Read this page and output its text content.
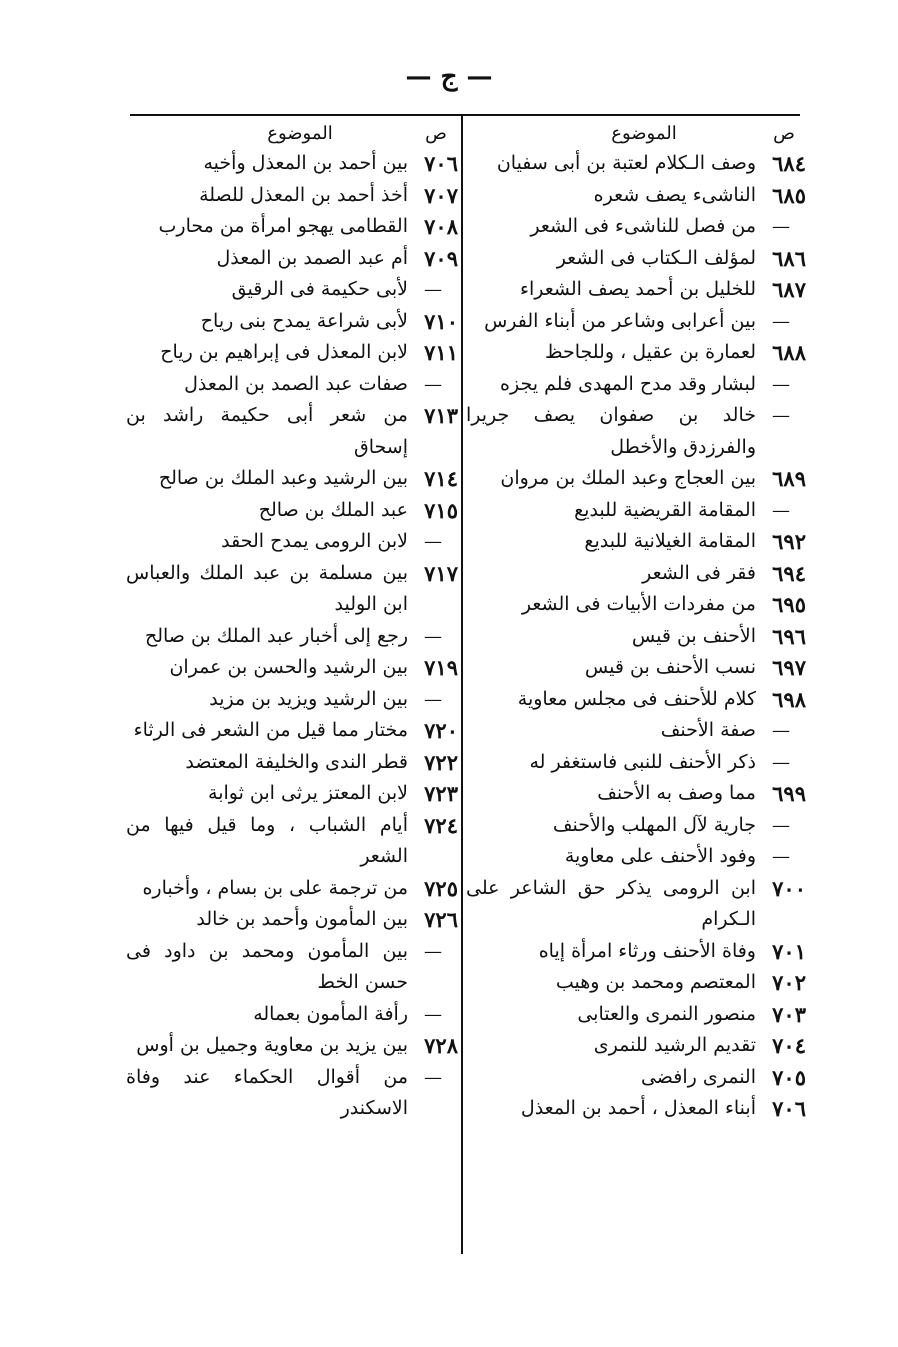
— ج —
ص
الموضوع
٦٨٤
وصف الـكلام لعتبة بن أبى سفيان
٦٨٥
الناشىء يصف شعره
—
من فصل للناشىء فى الشعر
٦٨٦
لمؤلف الـكتاب فى الشعر
٦٨٧
للخليل بن أحمد يصف الشعراء
—
بين أعرابى وشاعر من أبناء الفرس
٦٨٨
لعمارة بن عقيل ، وللجاحظ
—
لبشار وقد مدح المهدى فلم يجزه
—
خالد بن صفوان يصف جريرا والفرزدق والأخطل
٦٨٩
بين العجاج وعبد الملك بن مروان
—
المقامة القريضية للبديع
٦٩٢
المقامة الغيلانية للبديع
٦٩٤
فقر فى الشعر
٦٩٥
من مفردات الأبيات فى الشعر
٦٩٦
الأحنف بن قيس
٦٩٧
نسب الأحنف بن قيس
٦٩٨
كلام للأحنف فى مجلس معاوية
—
صفة الأحنف
—
ذكر الأحنف للنبى فاستغفر له
٦٩٩
مما وصف به الأحنف
—
جارية لآل المهلب والأحنف
—
وفود الأحنف على معاوية
٧٠٠
ابن الرومى يذكر حق الشاعر على الـكرام
٧٠١
وفاة الأحنف ورثاء امرأة إياه
٧٠٢
المعتصم ومحمد بن وهيب
٧٠٣
منصور النمرى والعتابى
٧٠٤
تقديم الرشيد للنمرى
٧٠٥
النمرى رافضى
٧٠٦
أبناء المعذل ، أحمد بن المعذل
ص
الموضوع
٧٠٦
بين أحمد بن المعذل وأخيه
٧٠٧
أخذ أحمد بن المعذل للصلة
٧٠٨
القطامى يهجو امرأة من محارب
٧٠٩
أم عبد الصمد بن المعذل
—
لأبى حكيمة فى الرقيق
٧١٠
لأبى شراعة يمدح بنى رياح
٧١١
لابن المعذل فى إبراهيم بن رياح
—
صفات عبد الصمد بن المعذل
٧١٣
من شعر أبى حكيمة راشد بن إسحاق
٧١٤
بين الرشيد وعبد الملك بن صالح
٧١٥
عبد الملك بن صالح
—
لابن الرومى يمدح الحقد
٧١٧
بين مسلمة بن عبد الملك والعباس ابن الوليد
—
رجع إلى أخبار عبد الملك بن صالح
٧١٩
بين الرشيد والحسن بن عمران
—
بين الرشيد ويزيد بن مزيد
٧٢٠
مختار مما قيل من الشعر فى الرثاء
٧٢٢
قطر الندى والخليفة المعتضد
٧٢٣
لابن المعتز يرثى ابن ثوابة
٧٢٤
أيام الشباب ، وما قيل فيها من الشعر
٧٢٥
من ترجمة على بن بسام ، وأخباره
٧٢٦
بين المأمون وأحمد بن خالد
—
بين المأمون ومحمد بن داود فى حسن الخط
—
رأفة المأمون بعماله
٧٢٨
بين يزيد بن معاوية وجميل بن أوس
—
من أقوال الحكماء عند وفاة الاسكندر
